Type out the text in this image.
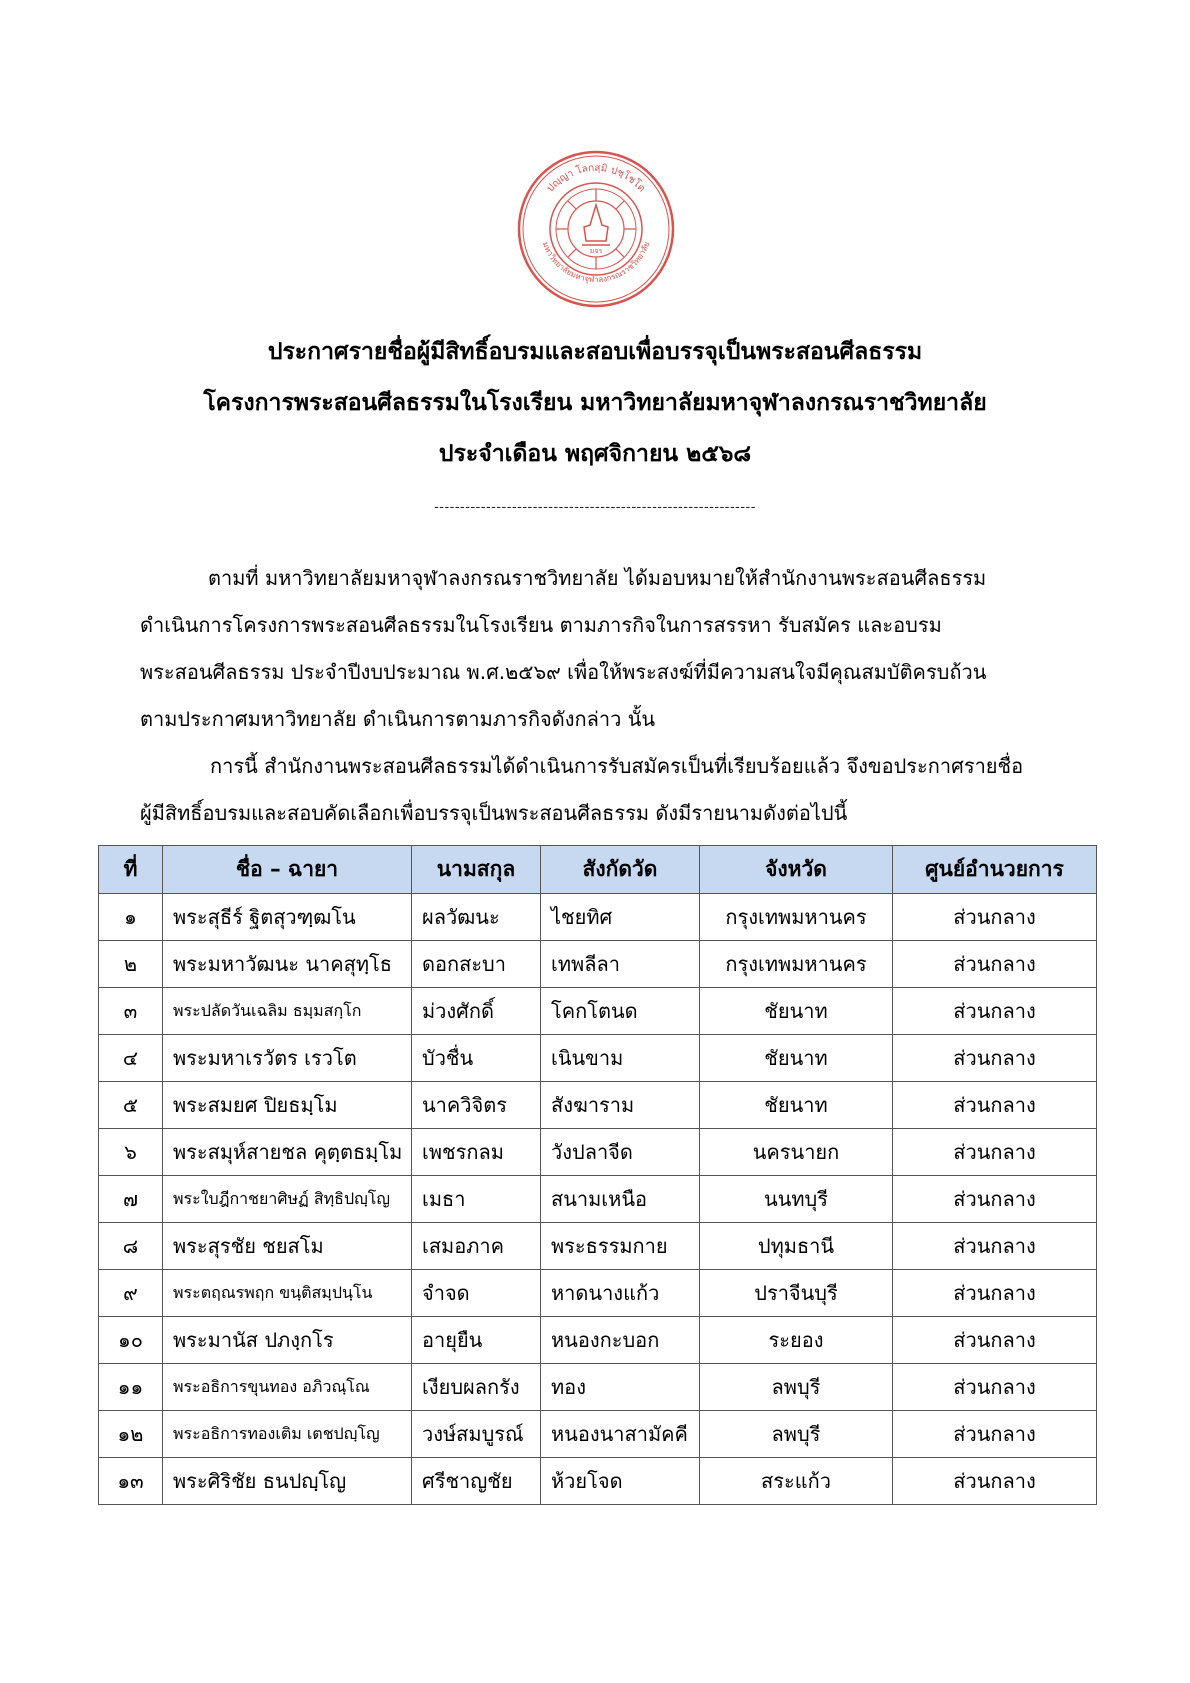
ปญฺญา โลกสฺมิ ปชฺโชโต
มหาวิทยาลัยมหาจุฬาลงกรณราชวิทยาลัย
มจร
ประกาศรายชื่อผู้มีสิทธิ์อบรมและสอบเพื่อบรรจุเป็นพระสอนศีลธรรม
โครงการพระสอนศีลธรรมในโรงเรียน มหาวิทยาลัยมหาจุฬาลงกรณราชวิทยาลัย
ประจำเดือน พฤศจิกายน ๒๕๖๘
--------------------------------------------------------------
ตามที่ มหาวิทยาลัยมหาจุฬาลงกรณราชวิทยาลัย ได้มอบหมายให้สำนักงานพระสอนศีลธรรม
ดำเนินการโครงการพระสอนศีลธรรมในโรงเรียน ตามภารกิจในการสรรหา รับสมัคร และอบรม
พระสอนศีลธรรม ประจำปีงบประมาณ พ.ศ.๒๕๖๙ เพื่อให้พระสงฆ์ที่มีความสนใจมีคุณสมบัติครบถ้วน
ตามประกาศมหาวิทยาลัย ดำเนินการตามภารกิจดังกล่าว นั้น
การนี้ สำนักงานพระสอนศีลธรรมได้ดำเนินการรับสมัครเป็นที่เรียบร้อยแล้ว จึงขอประกาศรายชื่อ
ผู้มีสิทธิ์อบรมและสอบคัดเลือกเพื่อบรรจุเป็นพระสอนศีลธรรม ดังมีรายนามดังต่อไปนี้
ที่	ชื่อ – ฉายา	นามสกุล	สังกัดวัด	จังหวัด	ศูนย์อำนวยการ
๑	พระสุธีร์ ฐิตสุวฑฺฒโน	ผลวัฒนะ	ไชยทิศ	กรุงเทพมหานคร	ส่วนกลาง
๒	พระมหาวัฒนะ นาคสุทฺโธ	ดอกสะบา	เทพลีลา	กรุงเทพมหานคร	ส่วนกลาง
๓	พระปลัดวันเฉลิม ธมฺมสกฺโก	ม่วงศักดิ์	โคกโตนด	ชัยนาท	ส่วนกลาง
๔	พระมหาเรวัตร เรวโต	บัวชื่น	เนินขาม	ชัยนาท	ส่วนกลาง
๕	พระสมยศ ปิยธมฺโม	นาควิจิตร	สังฆาราม	ชัยนาท	ส่วนกลาง
๖	พระสมุห์สายชล คุตฺตธมฺโม	เพชรกลม	วังปลาจีด	นครนายก	ส่วนกลาง
๗	พระใบฎีกาชยาศิษฏ์ สิทฺธิปญฺโญ	เมธา	สนามเหนือ	นนทบุรี	ส่วนกลาง
๘	พระสุรชัย ชยสโม	เสมอภาค	พระธรรมกาย	ปทุมธานี	ส่วนกลาง
๙	พระตฤณรพฤก ขนฺติสมฺปนฺโน	จำจด	หาดนางแก้ว	ปราจีนบุรี	ส่วนกลาง
๑๐	พระมานัส ปภงฺกโร	อายุยืน	หนองกะบอก	ระยอง	ส่วนกลาง
๑๑	พระอธิการขุนทอง อภิวณฺโณ	เงียบผลกรัง	ทอง	ลพบุรี	ส่วนกลาง
๑๒	พระอธิการทองเติม เตชปญฺโญ	วงษ์สมบูรณ์	หนองนาสามัคคี	ลพบุรี	ส่วนกลาง
๑๓	พระศิริชัย ธนปญฺโญ	ศรีชาญชัย	ห้วยโจด	สระแก้ว	ส่วนกลาง
